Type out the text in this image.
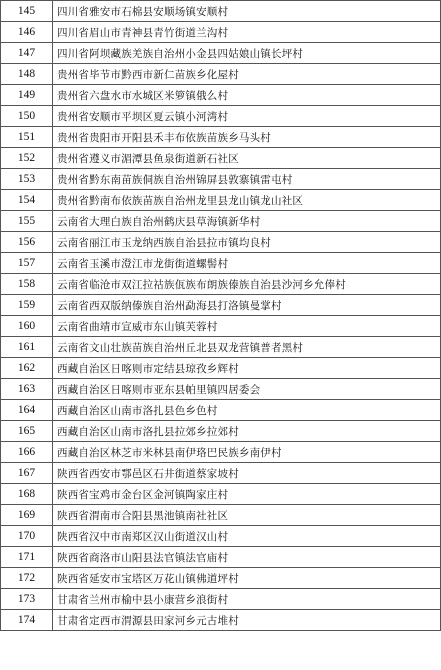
145	四川省雅安市石棉县安顺场镇安顺村
146	四川省眉山市青神县青竹街道兰沟村
147	四川省阿坝藏族羌族自治州小金县四姑娘山镇长坪村
148	贵州省毕节市黔西市新仁苗族乡化屋村
149	贵州省六盘水市水城区米箩镇俄么村
150	贵州省安顺市平坝区夏云镇小河湾村
151	贵州省贵阳市开阳县禾丰布依族苗族乡马头村
152	贵州省遵义市湄潭县鱼泉街道新石社区
153	贵州省黔东南苗族侗族自治州锦屏县敦寨镇雷屯村
154	贵州省黔南布依族苗族自治州龙里县龙山镇龙山社区
155	云南省大理白族自治州鹤庆县草海镇新华村
156	云南省丽江市玉龙纳西族自治县拉市镇均良村
157	云南省玉溪市澄江市龙街街道螺髻村
158	云南省临沧市双江拉祜族佤族布朗族傣族自治县沙河乡允俸村
159	云南省西双版纳傣族自治州勐海县打洛镇曼掌村
160	云南省曲靖市宣威市东山镇芙蓉村
161	云南省文山壮族苗族自治州丘北县双龙营镇普者黑村
162	西藏自治区日喀则市定结县琼孜乡辉村
163	西藏自治区日喀则市亚东县帕里镇四居委会
164	西藏自治区山南市洛扎县色乡色村
165	西藏自治区山南市洛扎县拉郊乡拉郊村
166	西藏自治区林芝市米林县南伊珞巴民族乡南伊村
167	陕西省西安市鄠邑区石井街道蔡家坡村
168	陕西省宝鸡市金台区金河镇陶家庄村
169	陕西省渭南市合阳县黑池镇南社社区
170	陕西省汉中市南郑区汉山街道汉山村
171	陕西省商洛市山阳县法官镇法官庙村
172	陕西省延安市宝塔区万花山镇佛道坪村
173	甘肃省兰州市榆中县小康营乡浪街村
174	甘肃省定西市渭源县田家河乡元古堆村
